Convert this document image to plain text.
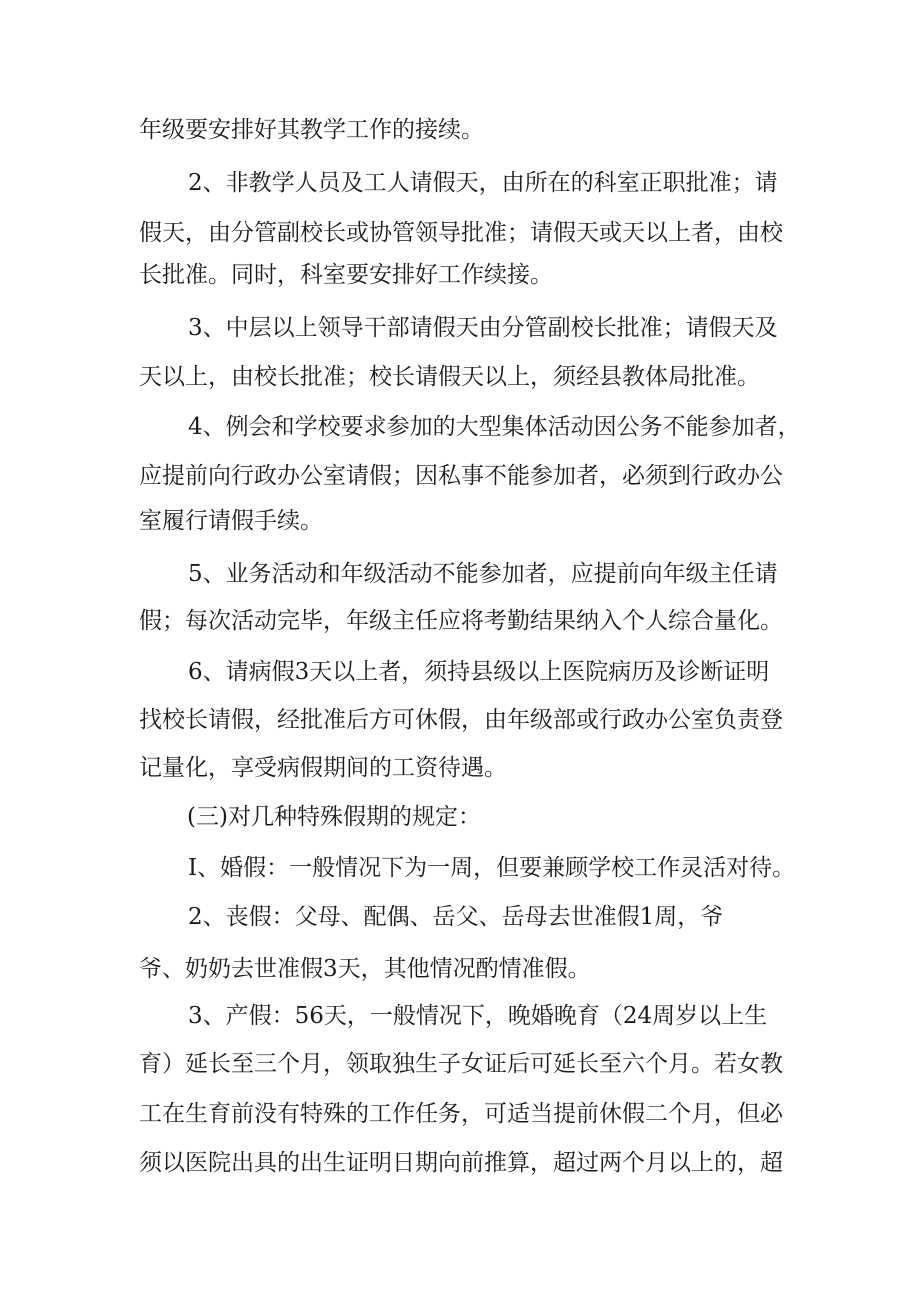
年级要安排好其教学工作的接续。
2、非教学人员及工人请假天，由所在的科室正职批准；请
假天，由分管副校长或协管领导批准；请假天或天以上者，由校
长批准。同时，科室要安排好工作续接。
3、中层以上领导干部请假天由分管副校长批准；请假天及
天以上，由校长批准；校长请假天以上，须经县教体局批准。
4、例会和学校要求参加的大型集体活动因公务不能参加者，
应提前向行政办公室请假；因私事不能参加者，必须到行政办公
室履行请假手续。
5、业务活动和年级活动不能参加者，应提前向年级主任请
假；每次活动完毕，年级主任应将考勤结果纳入个人综合量化。
6、请病假3天以上者，须持县级以上医院病历及诊断证明
找校长请假，经批准后方可休假，由年级部或行政办公室负责登
记量化，享受病假期间的工资待遇。
(三)对几种特殊假期的规定：
I、婚假：一般情况下为一周，但要兼顾学校工作灵活对待。
2、丧假：父母、配偶、岳父、岳母去世准假1周，爷
爷、奶奶去世准假3天，其他情况酌情准假。
3、产假：56天，一般情况下，晚婚晚育（24周岁以上生
育）延长至三个月，领取独生子女证后可延长至六个月。若女教
工在生育前没有特殊的工作任务，可适当提前休假二个月，但必
须以医院出具的出生证明日期向前推算，超过两个月以上的，超
